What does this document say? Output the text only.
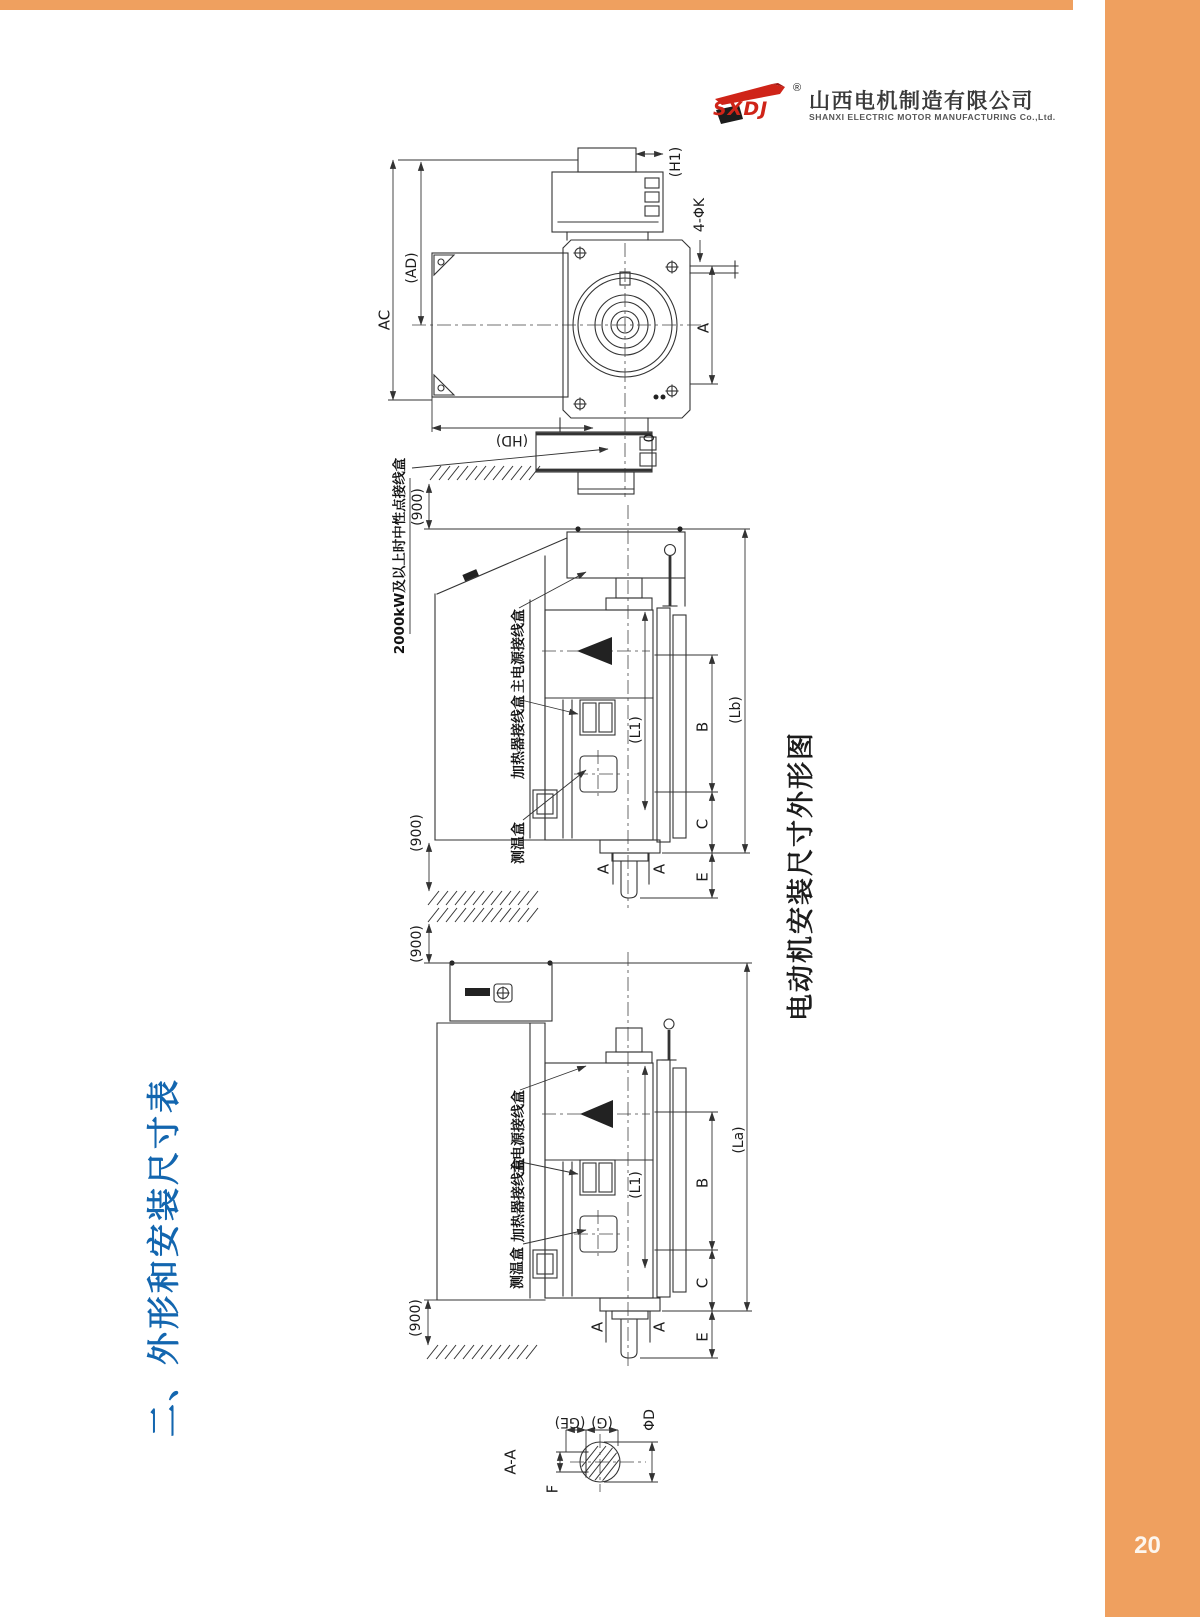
20
SXDJ
®
山西电机制造有限公司
SHANXI ELECTRIC MOTOR MANUFACTURING Co.,Ltd.
二、外形和安装尺寸表
电动机安装尺寸外形图
AC
(AD)
(H1)
4-ΦK
A
(HD)	0
2000kW及以上时中性点接线盒 (900)
(900)
(900)
(900)
A	A
主电源接线盒
加热器接线盒
测温盒
B
C
E
(L1)
(Lb)
A	A
主电源接线盒
加热器接线盒
测温盒
B
C
E
(L1)
(La)
A-A
ΦD
(G)
(GE)
F
